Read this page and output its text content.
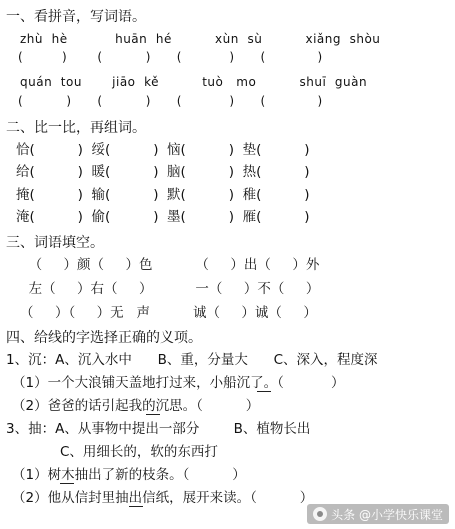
一、看拼音，写词语。
zhù  hè           huān  hé          xùn  sù          xiǎng  shòu
(         )       (          )      (           )      (            )
quán  tou       jiāo  kě          tuò   mo          shuī  guàn
(          )      (          )      (           )      (            )
二、比一比，再组词。
恰(          )  绥(          )  恼(          )  垫(          )
给(          )  暖(          )  脑(          )  热(          )
掩(          )  输(          )  默(          )  稚(          )
淹(          )  偷(          )  墨(          )  雁(          )
三、词语填空。
（     ）颜（     ）色          （     ）出（     ）外
左（     ）右（     ）          一（     ）不（     ）
（     ）（     ）无   声          诚（     ）诚（     ）
四、给线的字选择正确的义项。
1、沉：A、沉入水中      B、重，分量大      C、深入，程度深
（1）一个大浪铺天盖地打过来，小船沉了。（           ）
（2）爸爸的话引起我的沉思。（          ）
3、抽：A、从事物中提出一部分        B、植物长出
C、用细长的，软的东西打
（1）树木抽出了新的枝条。（          ）
（2）他从信封里抽出信纸，展开来读。（          ）
头条 @小学快乐课堂
